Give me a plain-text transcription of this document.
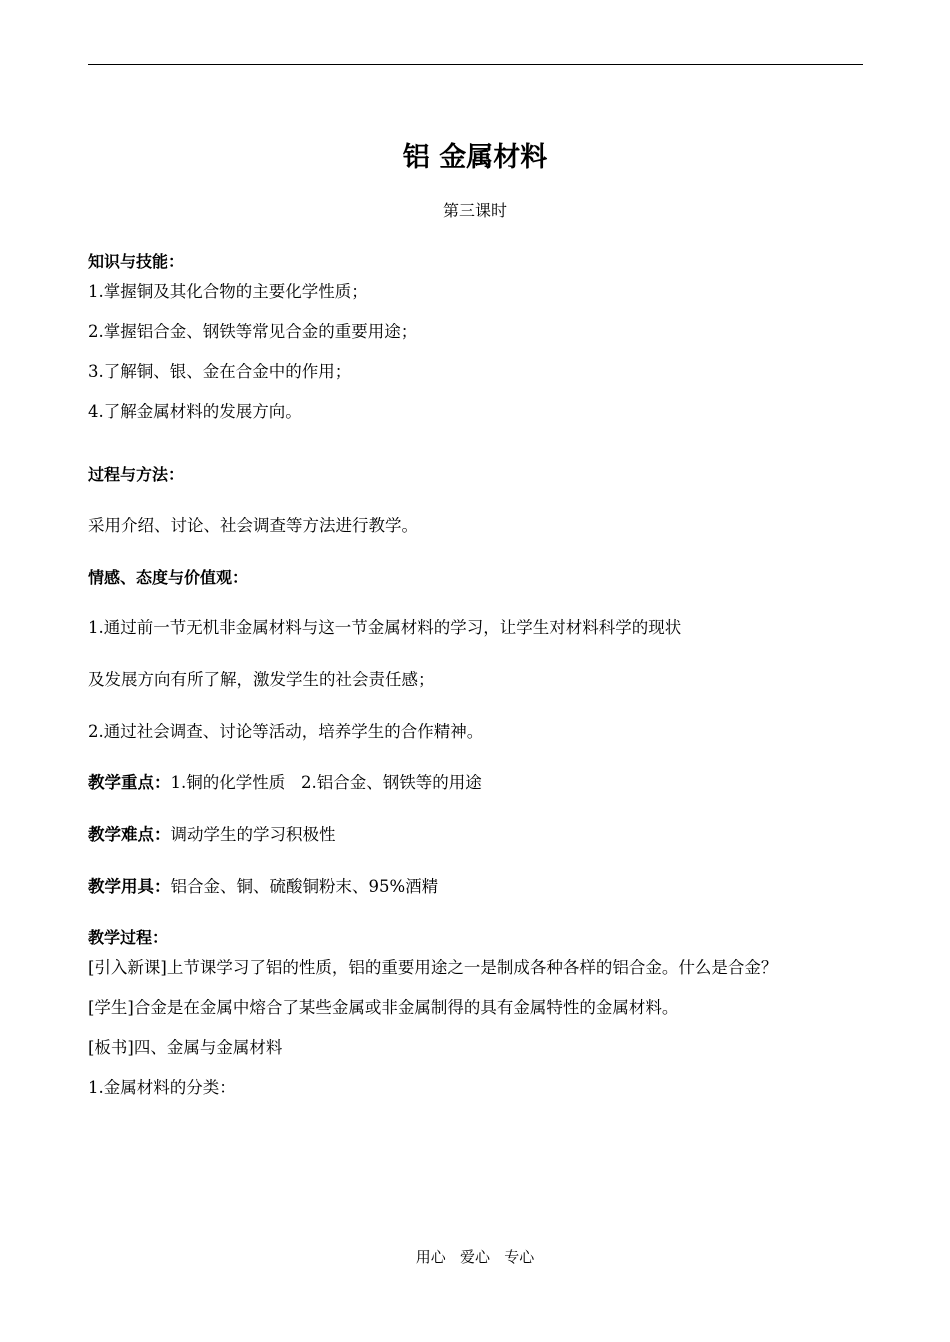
铝 金属材料
第三课时
知识与技能：
1.掌握铜及其化合物的主要化学性质；
2.掌握铝合金、钢铁等常见合金的重要用途；
3.了解铜、银、金在合金中的作用；
4.了解金属材料的发展方向。
过程与方法：
采用介绍、讨论、社会调查等方法进行教学。
情感、态度与价值观：
1.通过前一节无机非金属材料与这一节金属材料的学习，让学生对材料科学的现状
及发展方向有所了解，激发学生的社会责任感；
2.通过社会调查、讨论等活动，培养学生的合作精神。
教学重点：1.铜的化学性质   2.铝合金、钢铁等的用途
教学难点：调动学生的学习积极性
教学用具：铝合金、铜、硫酸铜粉末、95%酒精
教学过程：
[引入新课]上节课学习了铝的性质，铝的重要用途之一是制成各种各样的铝合金。什么是合金？
[学生]合金是在金属中熔合了某些金属或非金属制得的具有金属特性的金属材料。
[板书]四、金属与金属材料
1.金属材料的分类：
用心   爱心   专心
